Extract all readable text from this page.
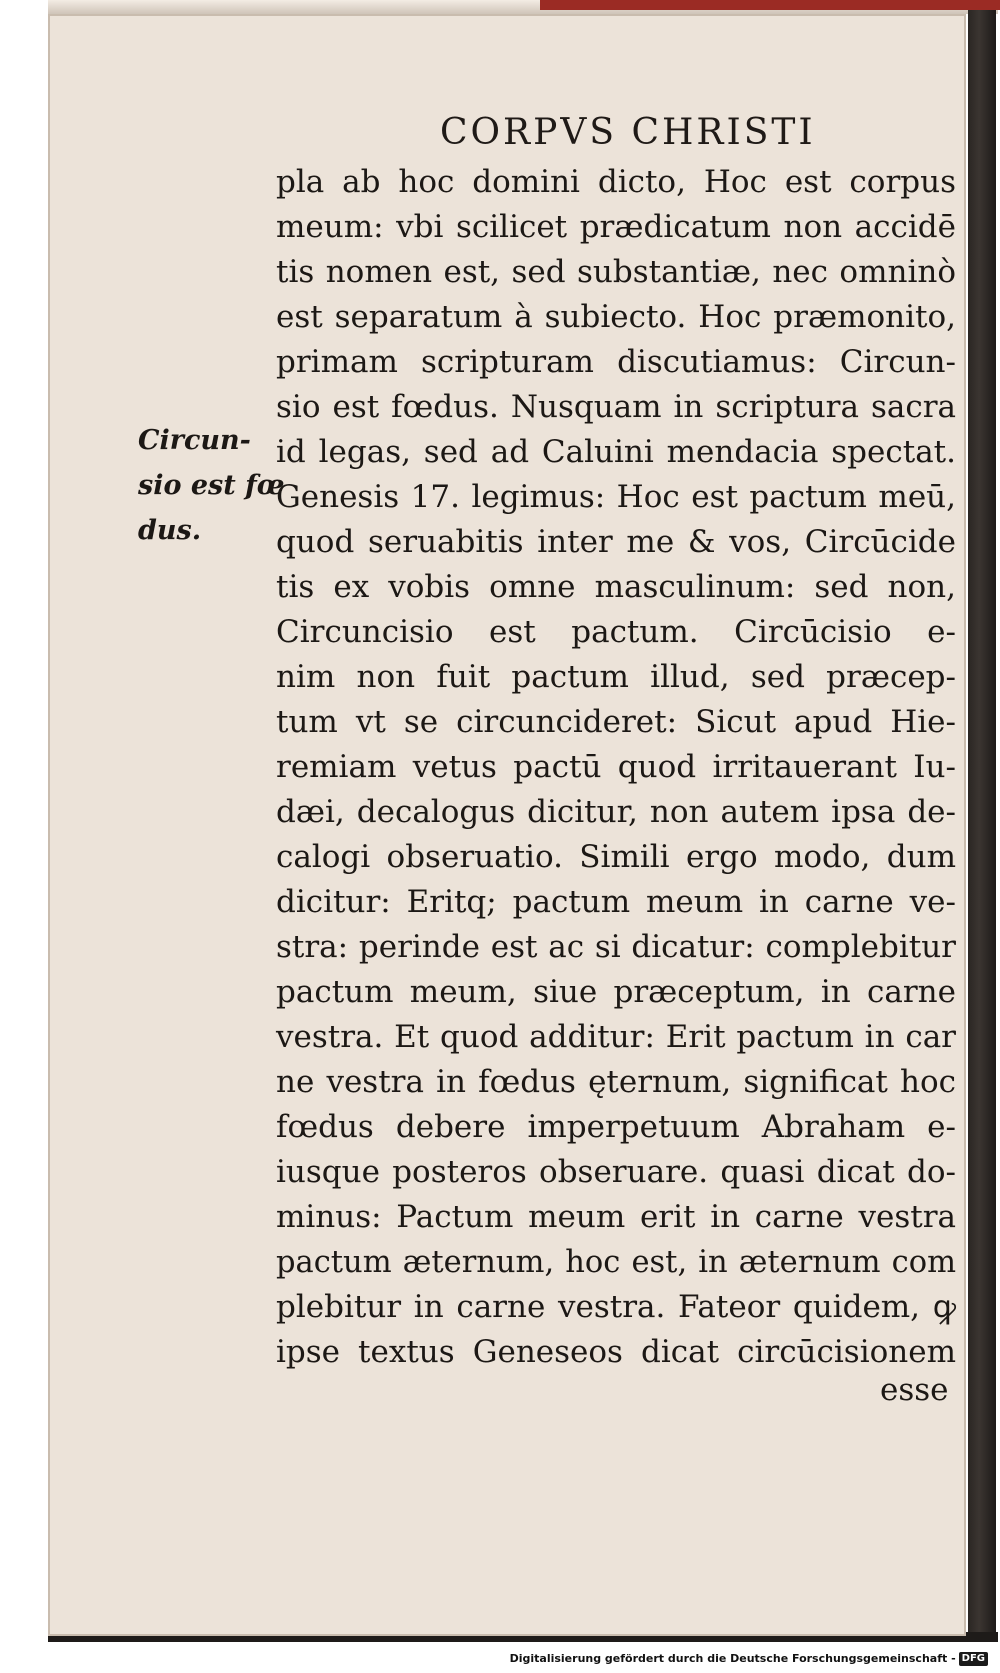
CORPVS CHRISTI
Circun-
sio est fœ
dus.
pla ab hoc domini dicto, Hoc est corpus
meum: vbi scilicet prædicatum non accidē
tis nomen est, sed substantiæ, nec omninò
est separatum à subiecto. Hoc præmonito,
primam scripturam discutiamus: Circun-
sio est fœdus. Nusquam in scriptura sacra
id legas, sed ad Caluini mendacia spectat.
Genesis 17. legimus: Hoc est pactum meū,
quod seruabitis inter me & vos, Circūcide
tis ex vobis omne masculinum: sed non,
Circuncisio est pactum. Circūcisio e-
nim non fuit pactum illud, sed præcep-
tum vt se circuncideret: Sicut apud Hie-
remiam vetus pactū quod irritauerant Iu-
dæi, decalogus dicitur, non autem ipsa de-
calogi obseruatio. Simili ergo modo, dum
dicitur: Eritq; pactum meum in carne ve-
stra: perinde est ac si dicatur: complebitur
pactum meum, siue præceptum, in carne
vestra. Et quod additur: Erit pactum in car
ne vestra in fœdus ęternum, significat hoc
fœdus debere imperpetuum Abraham e-
iusque posteros obseruare. quasi dicat do-
minus: Pactum meum erit in carne vestra
pactum æternum, hoc est, in æternum com
plebitur in carne vestra. Fateor quidem, ꝙ
ipse textus Geneseos dicat circūcisionem
esse
Digitalisierung gefördert durch die Deutsche Forschungsgemeinschaft - DFG
